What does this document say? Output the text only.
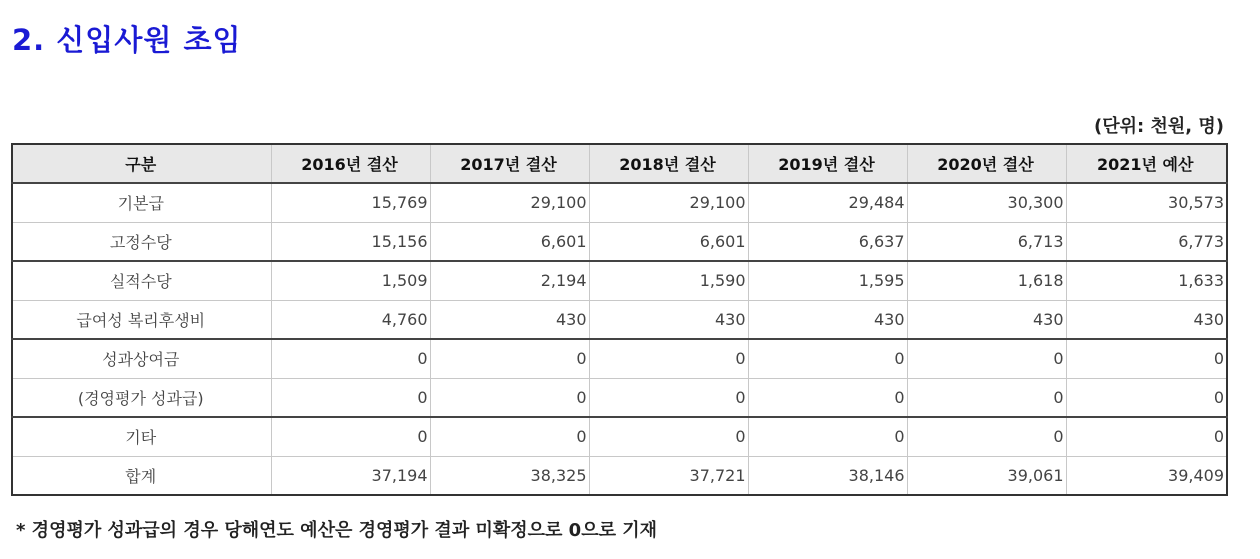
2. 신입사원 초임
(단위: 천원, 명)
구분	2016년 결산	2017년 결산	2018년 결산	2019년 결산	2020년 결산	2021년 예산
기본급	15,769	29,100	29,100	29,484	30,300	30,573
고정수당	15,156	6,601	6,601	6,637	6,713	6,773
실적수당	1,509	2,194	1,590	1,595	1,618	1,633
급여성 복리후생비	4,760	430	430	430	430	430
성과상여금	0	0	0	0	0	0
(경영평가 성과급)	0	0	0	0	0	0
기타	0	0	0	0	0	0
합계	37,194	38,325	37,721	38,146	39,061	39,409
* 경영평가 성과급의 경우 당해연도 예산은 경영평가 결과 미확정으로 0으로 기재
